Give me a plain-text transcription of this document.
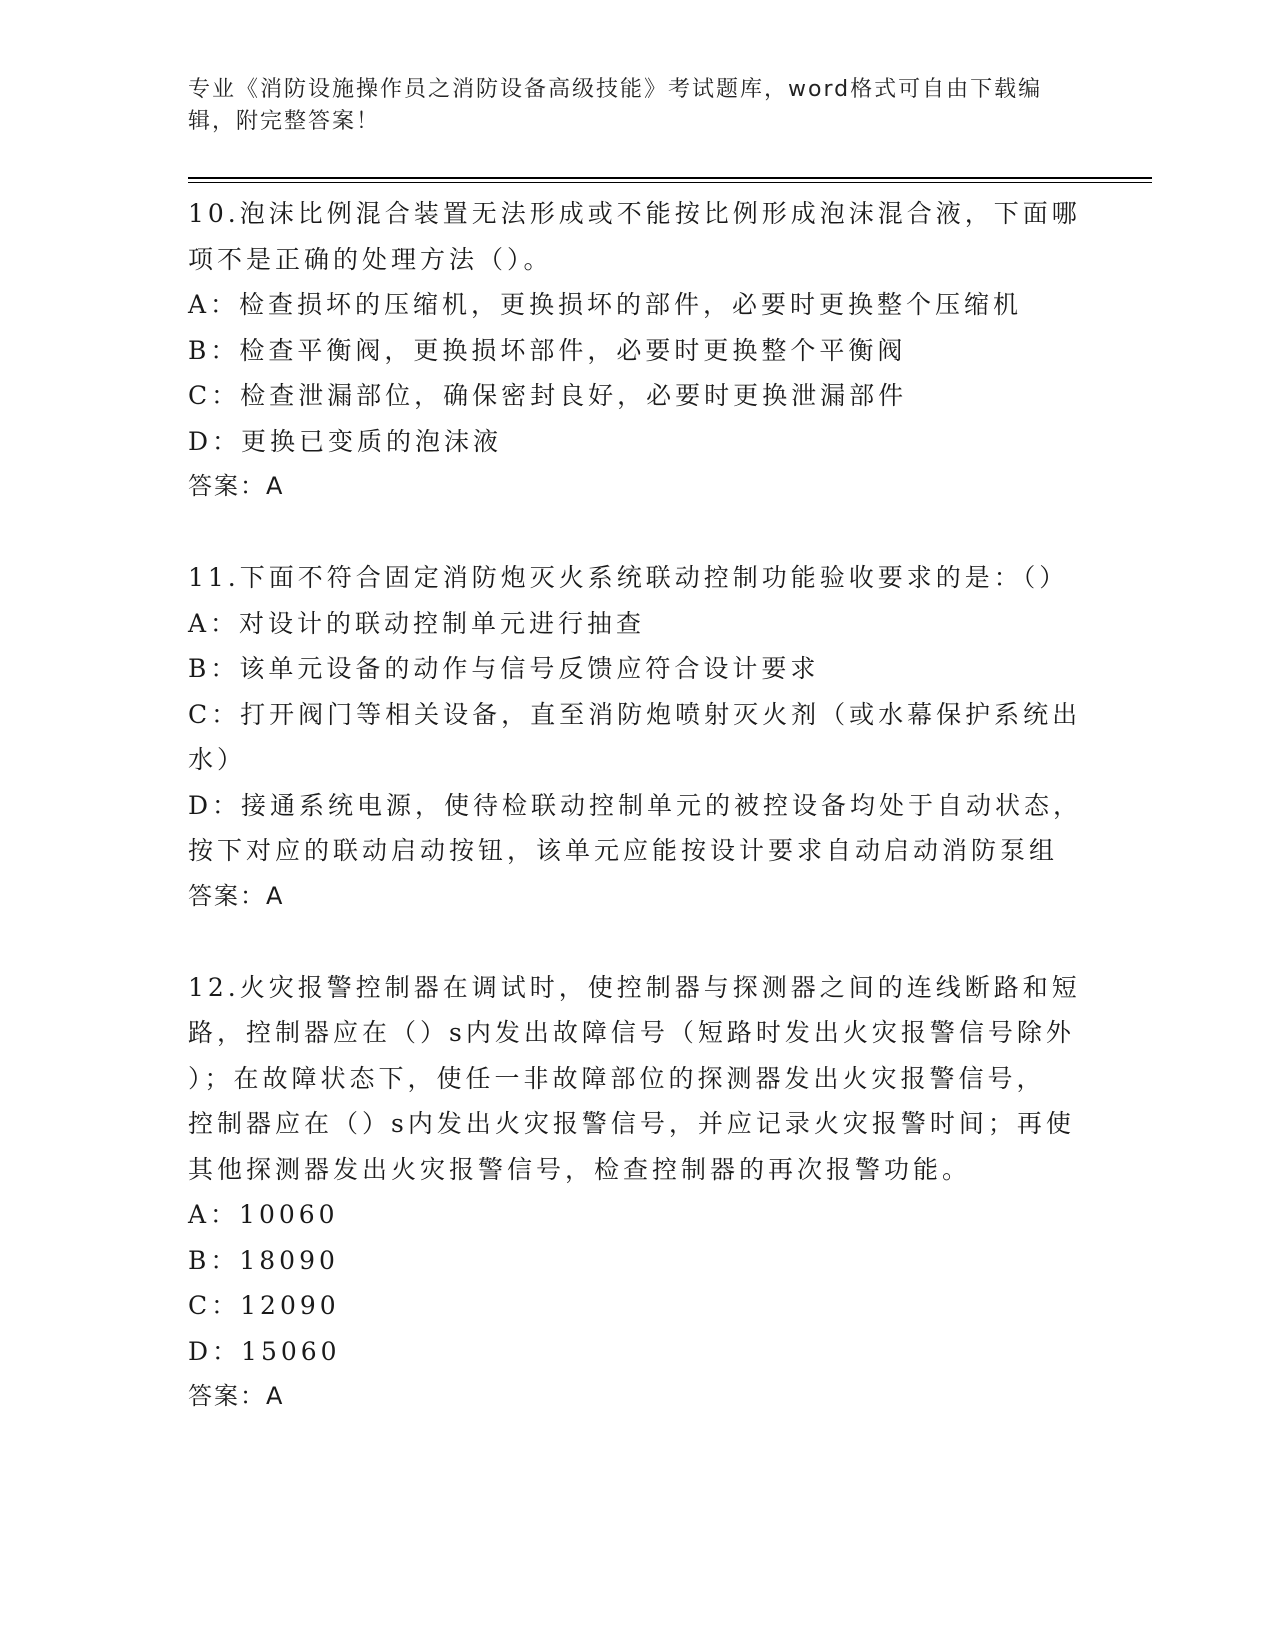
专业《消防设施操作员之消防设备高级技能》考试题库，word格式可自由下载编
辑，附完整答案！
10.泡沫比例混合装置无法形成或不能按比例形成泡沫混合液，下面哪
项不是正确的处理方法（）。
A：检查损坏的压缩机，更换损坏的部件，必要时更换整个压缩机
B：检查平衡阀，更换损坏部件，必要时更换整个平衡阀
C：检查泄漏部位，确保密封良好，必要时更换泄漏部件
D：更换已变质的泡沫液
答案：A
11.下面不符合固定消防炮灭火系统联动控制功能验收要求的是：（）
A：对设计的联动控制单元进行抽查
B：该单元设备的动作与信号反馈应符合设计要求
C：打开阀门等相关设备，直至消防炮喷射灭火剂（或水幕保护系统出
水）
D：接通系统电源，使待检联动控制单元的被控设备均处于自动状态，
按下对应的联动启动按钮，该单元应能按设计要求自动启动消防泵组
答案：A
12.火灾报警控制器在调试时，使控制器与探测器之间的连线断路和短
路，控制器应在（）s内发出故障信号（短路时发出火灾报警信号除外
）；在故障状态下，使任一非故障部位的探测器发出火灾报警信号，
控制器应在（）s内发出火灾报警信号，并应记录火灾报警时间；再使
其他探测器发出火灾报警信号，检查控制器的再次报警功能。
A：10060
B：18090
C：12090
D：15060
答案：A
